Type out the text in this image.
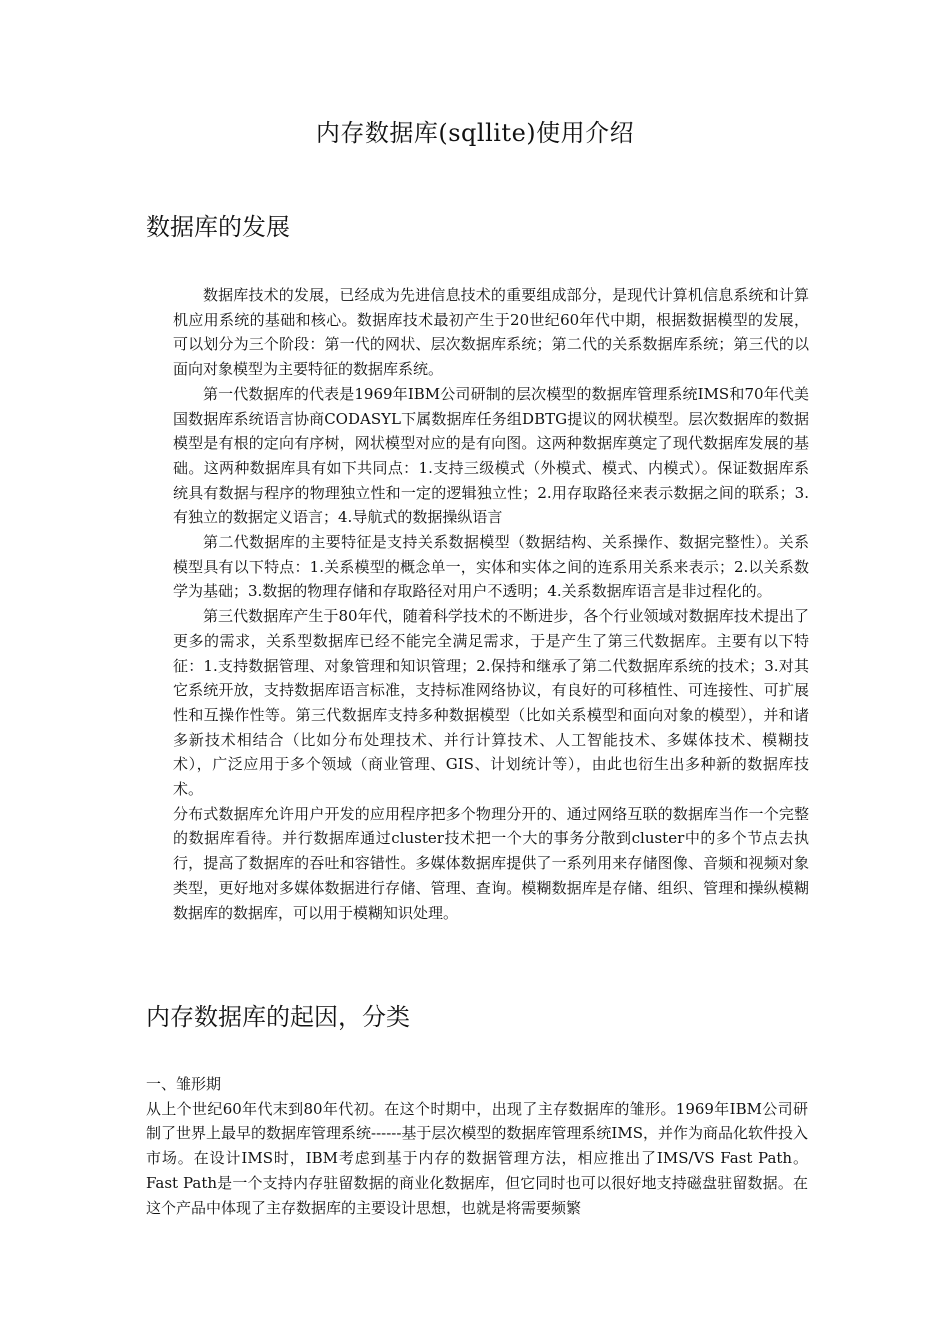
内存数据库(sqllite)使用介绍
数据库的发展

数据库技术的发展，已经成为先进信息技术的重要组成部分，是现代计算机信息系统和计算机应用系统的基础和核心。数据库技术最初产生于20世纪60年代中期，根据数据模型的发展，可以划分为三个阶段：第一代的网状、层次数据库系统；第二代的关系数据库系统；第三代的以面向对象模型为主要特征的数据库系统。

第一代数据库的代表是1969年IBM公司研制的层次模型的数据库管理系统IMS和70年代美国数据库系统语言协商CODASYL下属数据库任务组DBTG提议的网状模型。层次数据库的数据模型是有根的定向有序树，网状模型对应的是有向图。这两种数据库奠定了现代数据库发展的基础。这两种数据库具有如下共同点：1.支持三级模式（外模式、模式、内模式）。保证数据库系统具有数据与程序的物理独立性和一定的逻辑独立性；2.用存取路径来表示数据之间的联系；3.有独立的数据定义语言；4.导航式的数据操纵语言

第二代数据库的主要特征是支持关系数据模型（数据结构、关系操作、数据完整性）。关系模型具有以下特点：1.关系模型的概念单一，实体和实体之间的连系用关系来表示；2.以关系数学为基础；3.数据的物理存储和存取路径对用户不透明；4.关系数据库语言是非过程化的。

第三代数据库产生于80年代，随着科学技术的不断进步，各个行业领域对数据库技术提出了更多的需求，关系型数据库已经不能完全满足需求，于是产生了第三代数据库。主要有以下特征：1.支持数据管理、对象管理和知识管理；2.保持和继承了第二代数据库系统的技术；3.对其它系统开放，支持数据库语言标准，支持标准网络协议，有良好的可移植性、可连接性、可扩展性和互操作性等。第三代数据库支持多种数据模型（比如关系模型和面向对象的模型），并和诸多新技术相结合（比如分布处理技术、并行计算技术、人工智能技术、多媒体技术、模糊技术），广泛应用于多个领域（商业管理、GIS、计划统计等），由此也衍生出多种新的数据库技术。

分布式数据库允许用户开发的应用程序把多个物理分开的、通过网络互联的数据库当作一个完整的数据库看待。并行数据库通过cluster技术把一个大的事务分散到cluster中的多个节点去执行，提高了数据库的吞吐和容错性。多媒体数据库提供了一系列用来存储图像、音频和视频对象类型，更好地对多媒体数据进行存储、管理、查询。模糊数据库是存储、组织、管理和操纵模糊数据库的数据库，可以用于模糊知识处理。

内存数据库的起因，分类

一、雏形期

从上个世纪60年代末到80年代初。在这个时期中，出现了主存数据库的雏形。1969年IBM公司研制了世界上最早的数据库管理系统------基于层次模型的数据库管理系统IMS，并作为商品化软件投入市场。在设计IMS时，IBM考虑到基于内存的数据管理方法，相应推出了IMS/VS Fast Path。Fast Path是一个支持内存驻留数据的商业化数据库，但它同时也可以很好地支持磁盘驻留数据。在这个产品中体现了主存数据库的主要设计思想，也就是将需要频繁
